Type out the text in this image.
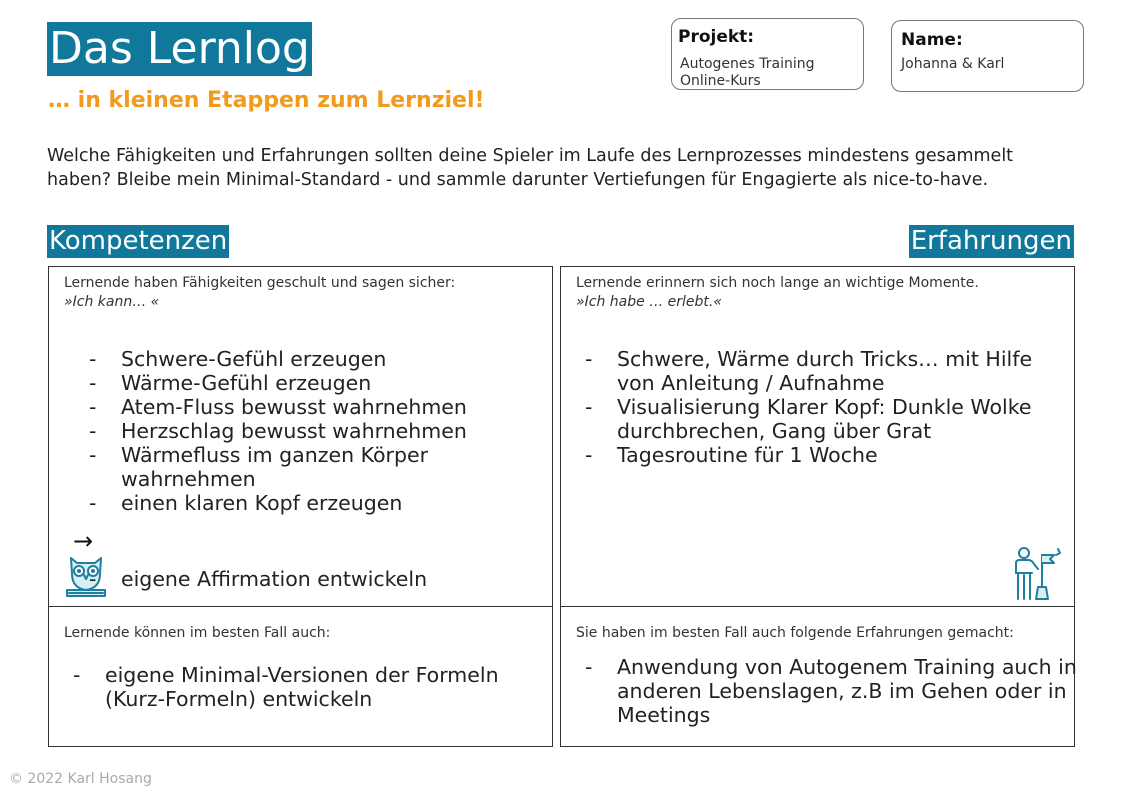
Das Lernlog
… in kleinen Etappen zum Lernziel!
Projekt:
Autogenes Training
Online-Kurs
Name:
Johanna & Karl
Welche Fähigkeiten und Erfahrungen sollten deine Spieler im Laufe des Lernprozesses mindestens gesammelt
haben? Bleibe mein Minimal-Standard - und sammle darunter Vertiefungen für Engagierte als nice-to-have.
Kompetenzen	Erfahrungen
Lernende haben Fähigkeiten geschult und sagen sicher:
»Ich kann… «
- Schwere-Gefühl erzeugen
- Wärme-Gefühl erzeugen
- Atem-Fluss bewusst wahrnehmen
- Herzschlag bewusst wahrnehmen
- Wärmefluss im ganzen Körper wahrnehmen
- einen klaren Kopf erzeugen
→
- eigene Affirmation entwickeln
Lernende erinnern sich noch lange an wichtige Momente.
»Ich habe … erlebt.«
- Schwere, Wärme durch Tricks… mit Hilfe von Anleitung / Aufnahme
- Visualisierung Klarer Kopf: Dunkle Wolke durchbrechen, Gang über Grat
- Tagesroutine für 1 Woche
Lernende können im besten Fall auch:
- eigene Minimal-Versionen der Formeln (Kurz-Formeln) entwickeln
Sie haben im besten Fall auch folgende Erfahrungen gemacht:
- Anwendung von Autogenem Training auch in anderen Lebenslagen, z.B im Gehen oder in Meetings
© 2022 Karl Hosang
